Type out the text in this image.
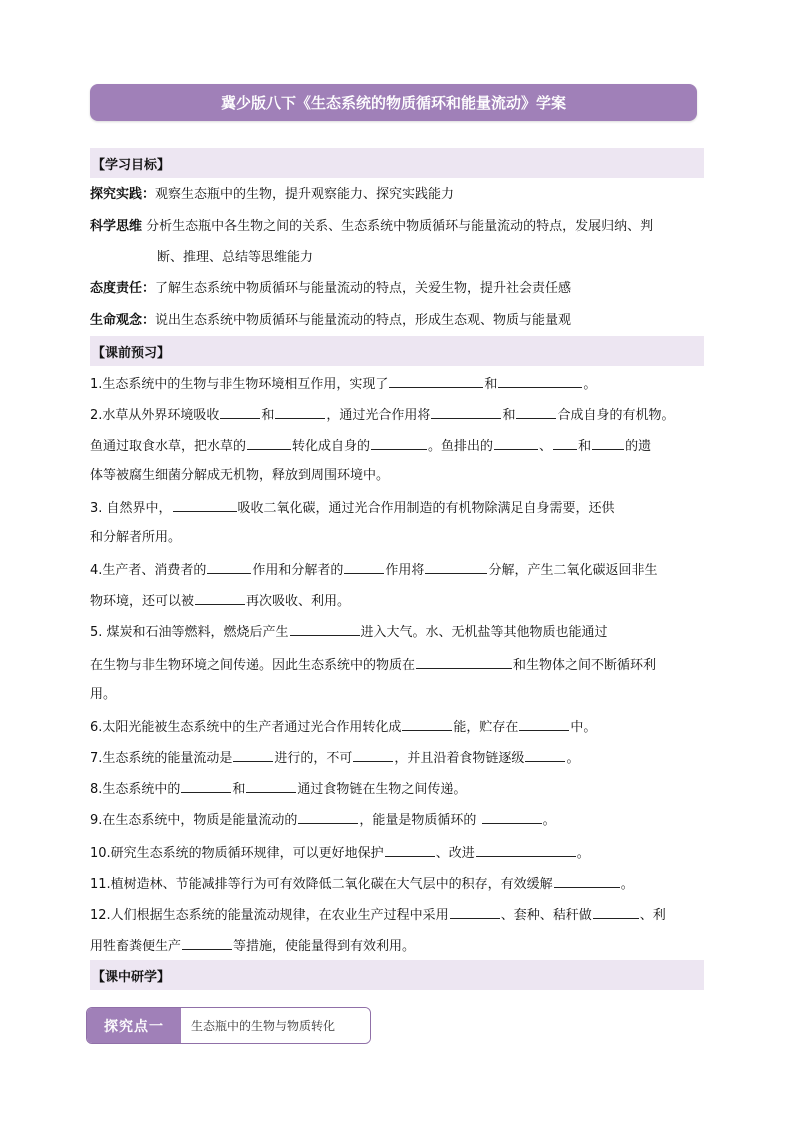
冀少版八下《生态系统的物质循环和能量流动》学案
【学习目标】
探究实践：观察生态瓶中的生物，提升观察能力、探究实践能力
科学思维 分析生态瓶中各生物之间的关系、生态系统中物质循环与能量流动的特点，发展归纳、判
断、推理、总结等思维能力
态度责任：了解生态系统中物质循环与能量流动的特点，关爱生物，提升社会责任感
生命观念：说出生态系统中物质循环与能量流动的特点，形成生态观、物质与能量观
【课前预习】
1.生态系统中的生物与非生物环境相互作用，实现了	和	。
2.水草从外界环境吸收	和	，通过光合作用将	和	合成自身的有机物。
鱼通过取食水草，把水草的	转化成自身的	。鱼排出的	、 和	的遗
体等被腐生细菌分解成无机物，释放到周围环境中。
3. 自然界中，	吸收二氧化碳，通过光合作用制造的有机物除满足自身需要，还供
和分解者所用。
4.生产者、消费者的	作用和分解者的	作用将	分解，产生二氧化碳返回非生
物环境，还可以被	再次吸收、利用。
5. 煤炭和石油等燃料，燃烧后产生	进入大气。水、无机盐等其他物质也能通过
在生物与非生物环境之间传递。因此生态系统中的物质在	和生物体之间不断循环利
用。
6.太阳光能被生态系统中的生产者通过光合作用转化成	能，贮存在	中。
7.生态系统的能量流动是	进行的，不可	，并且沿着食物链逐级	。
8.生态系统中的	和	通过食物链在生物之间传递。
9.在生态系统中，物质是能量流动的	，能量是物质循环的	。
10.研究生态系统的物质循环规律，可以更好地保护	、改进	。
11.植树造林、节能减排等行为可有效降低二氧化碳在大气层中的积存，有效缓解	。
12.人们根据生态系统的能量流动规律，在农业生产过程中采用	、套种、秸秆做	、利
用牲畜粪便生产	等措施，使能量得到有效利用。
【课中研学】
探究点一	生态瓶中的生物与物质转化
